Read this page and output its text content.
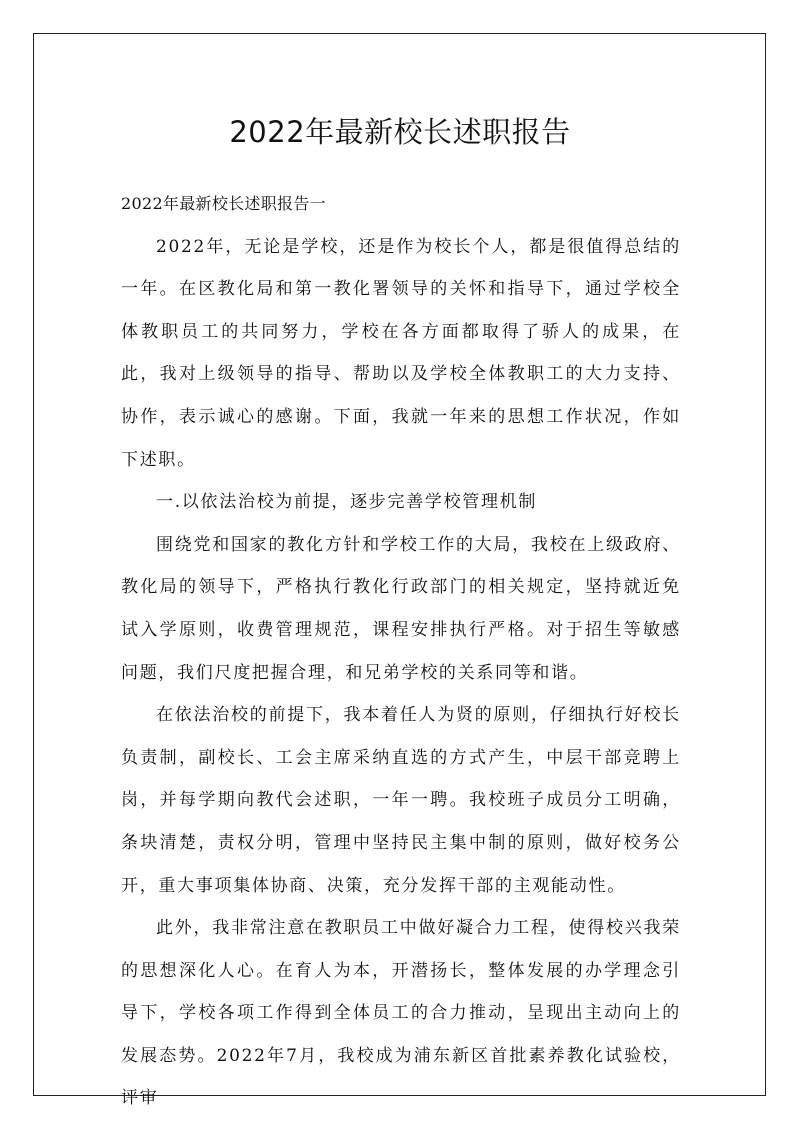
2022年最新校长述职报告

2022年最新校长述职报告一

2022年，无论是学校，还是作为校长个人，都是很值得总结的一年。在区教化局和第一教化署领导的关怀和指导下，通过学校全体教职员工的共同努力，学校在各方面都取得了骄人的成果，在此，我对上级领导的指导、帮助以及学校全体教职工的大力支持、协作，表示诚心的感谢。下面，我就一年来的思想工作状况，作如下述职。

一.以依法治校为前提，逐步完善学校管理机制

围绕党和国家的教化方针和学校工作的大局，我校在上级政府、教化局的领导下，严格执行教化行政部门的相关规定，坚持就近免试入学原则，收费管理规范，课程安排执行严格。对于招生等敏感问题，我们尺度把握合理，和兄弟学校的关系同等和谐。

在依法治校的前提下，我本着任人为贤的原则，仔细执行好校长负责制，副校长、工会主席采纳直选的方式产生，中层干部竞聘上岗，并每学期向教代会述职，一年一聘。我校班子成员分工明确，条块清楚，责权分明，管理中坚持民主集中制的原则，做好校务公开，重大事项集体协商、决策，充分发挥干部的主观能动性。

此外，我非常注意在教职员工中做好凝合力工程，使得校兴我荣的思想深化人心。在育人为本，开潜扬长，整体发展的办学理念引导下，学校各项工作得到全体员工的合力推动，呈现出主动向上的发展态势。2022年7月，我校成为浦东新区首批素养教化试验校，评审
